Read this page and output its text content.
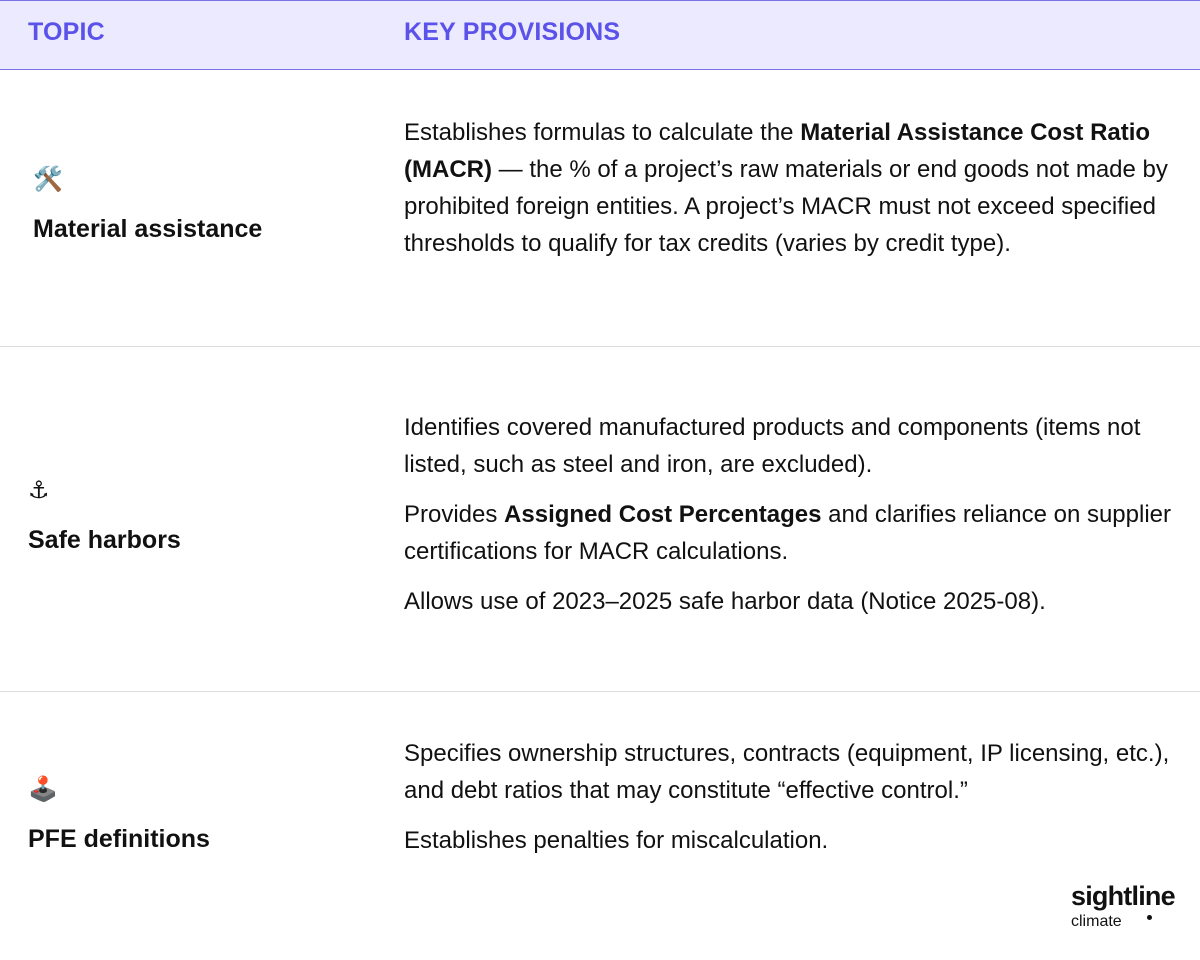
TOPIC	KEY PROVISIONS
🛠️
Material assistance

Establishes formulas to calculate the Material Assistance Cost Ratio (MACR) — the % of a project’s raw materials or end goods not made by prohibited foreign entities. A project’s MACR must not exceed specified thresholds to qualify for tax credits (varies by credit type).

⚓
Safe harbors

Identifies covered manufactured products and components (items not listed, such as steel and iron, are excluded).

Provides Assigned Cost Percentages and clarifies reliance on supplier certifications for MACR calculations.

Allows use of 2023–2025 safe harbor data (Notice 2025-08).

🕹️
PFE definitions

Specifies ownership structures, contracts (equipment, IP licensing, etc.), and debt ratios that may constitute “effective control.”

Establishes penalties for miscalculation.

sightline
climate
